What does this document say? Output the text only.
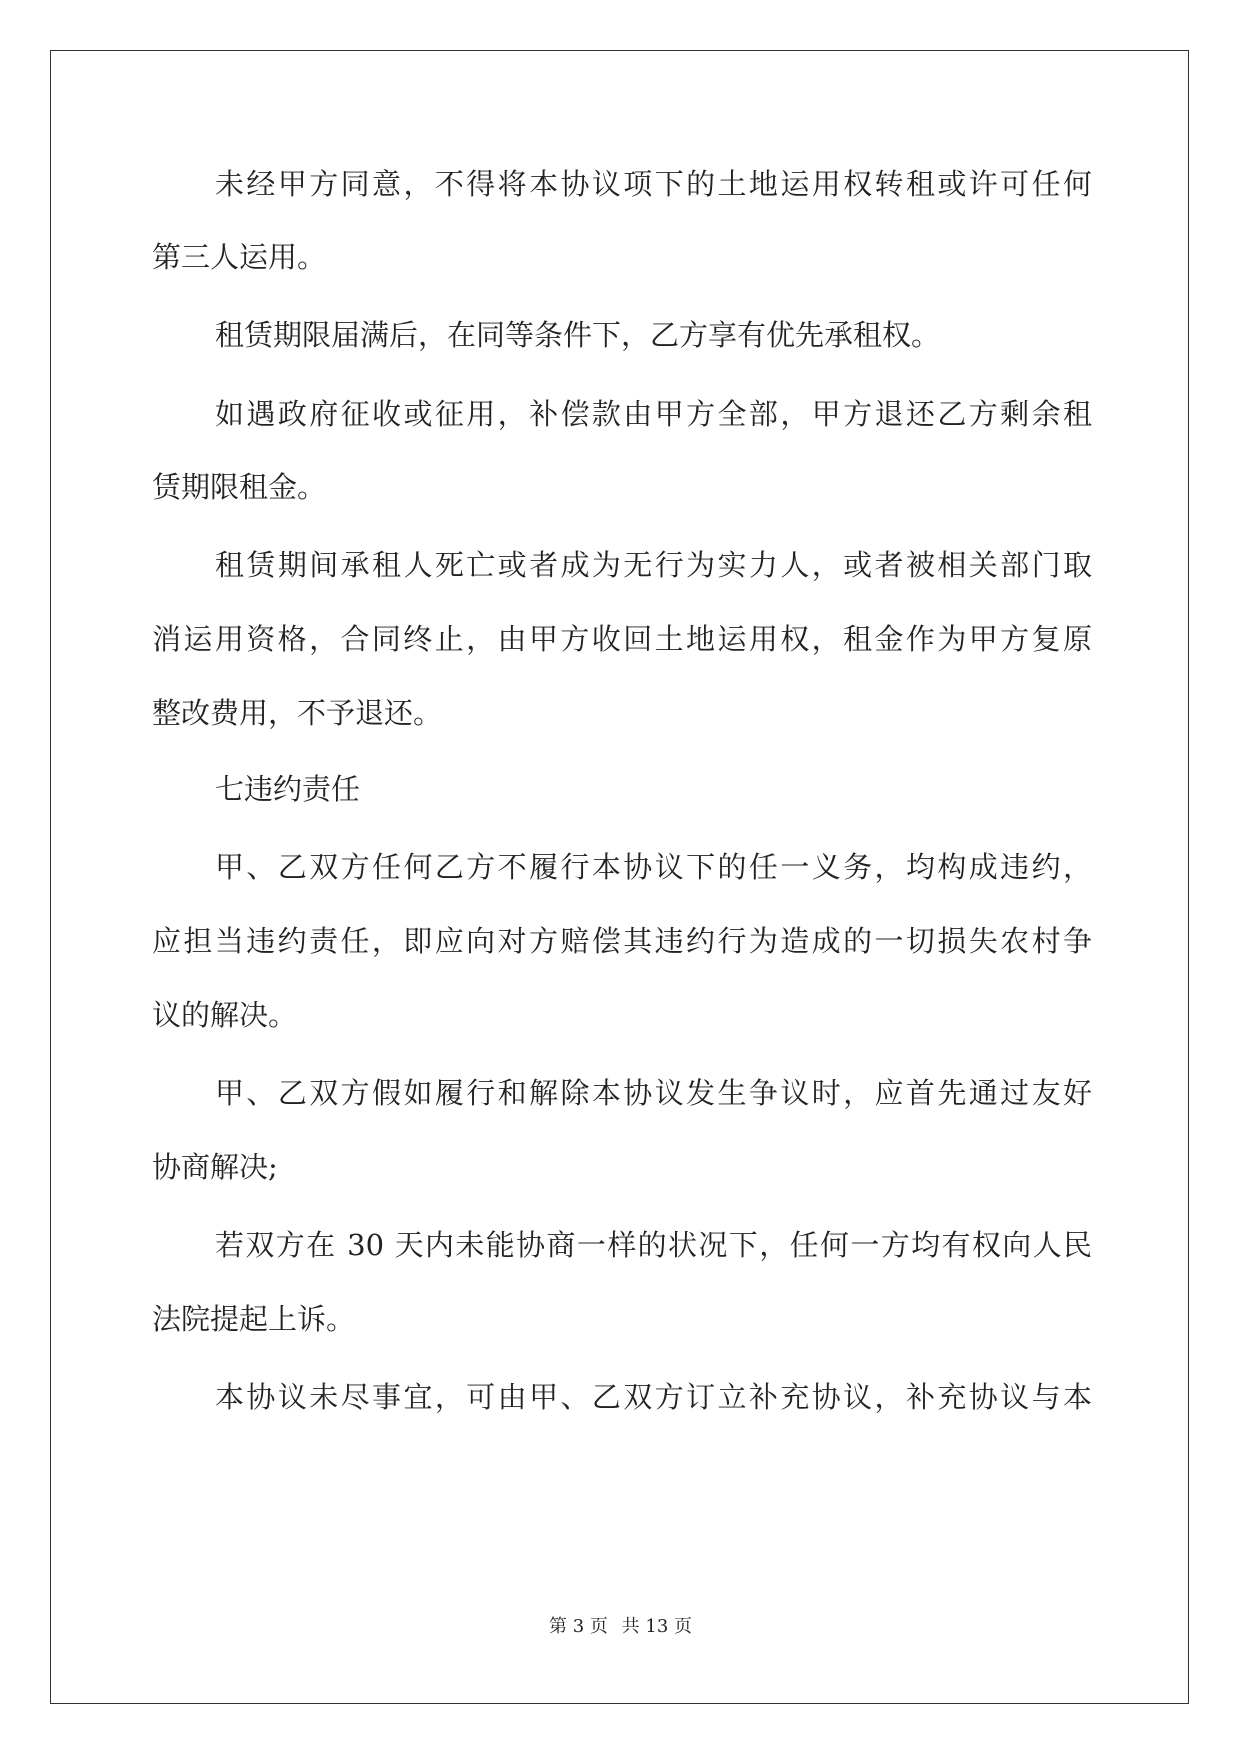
未经甲方同意，不得将本协议项下的土地运用权转租或许可任何
第三人运用。
租赁期限届满后，在同等条件下，乙方享有优先承租权。
如遇政府征收或征用，补偿款由甲方全部，甲方退还乙方剩余租
赁期限租金。
租赁期间承租人死亡或者成为无行为实力人，或者被相关部门取
消运用资格，合同终止，由甲方收回土地运用权，租金作为甲方复原
整改费用，不予退还。
七违约责任
甲、乙双方任何乙方不履行本协议下的任一义务，均构成违约，
应担当违约责任，即应向对方赔偿其违约行为造成的一切损失农村争
议的解决。
甲、乙双方假如履行和解除本协议发生争议时，应首先通过友好
协商解决;
若双方在 30 天内未能协商一样的状况下，任何一方均有权向人民
法院提起上诉。
本协议未尽事宜，可由甲、乙双方订立补充协议，补充协议与本
第 3 页 共 13 页
